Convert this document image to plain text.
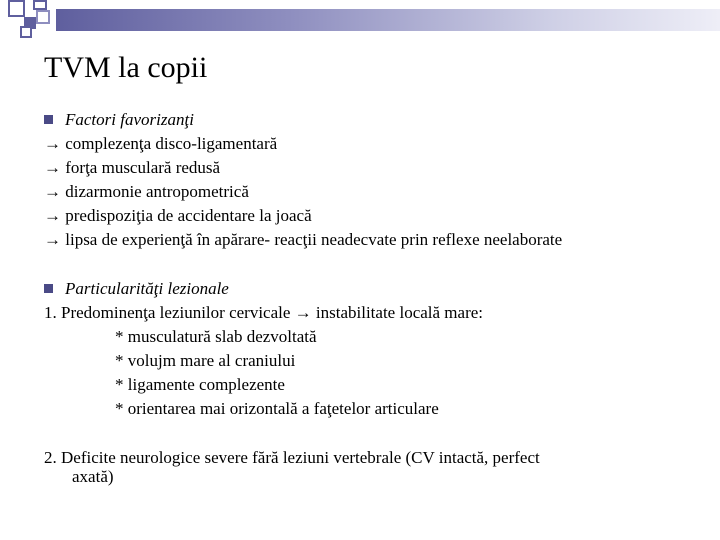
TVM la copii
Factori favorizanţi
→ complezenţa disco-ligamentară
→ forţa musculară redusă
→ dizarmonie antropometrică
→ predispoziţia de accidentare la joacă
→ lipsa de experienţă în apărare- reacţii neadecvate prin reflexe neelaborate
Particularităţi lezionale
1. Predominenţa leziunilor cervicale → instabilitate locală mare:
* musculatură slab dezvoltată
* volujm mare al craniului
* ligamente complezente
* orientarea mai orizontală a faţetelor articulare
2. Deficite neurologice severe fără leziuni vertebrale (CV intactă, perfect
axată)
